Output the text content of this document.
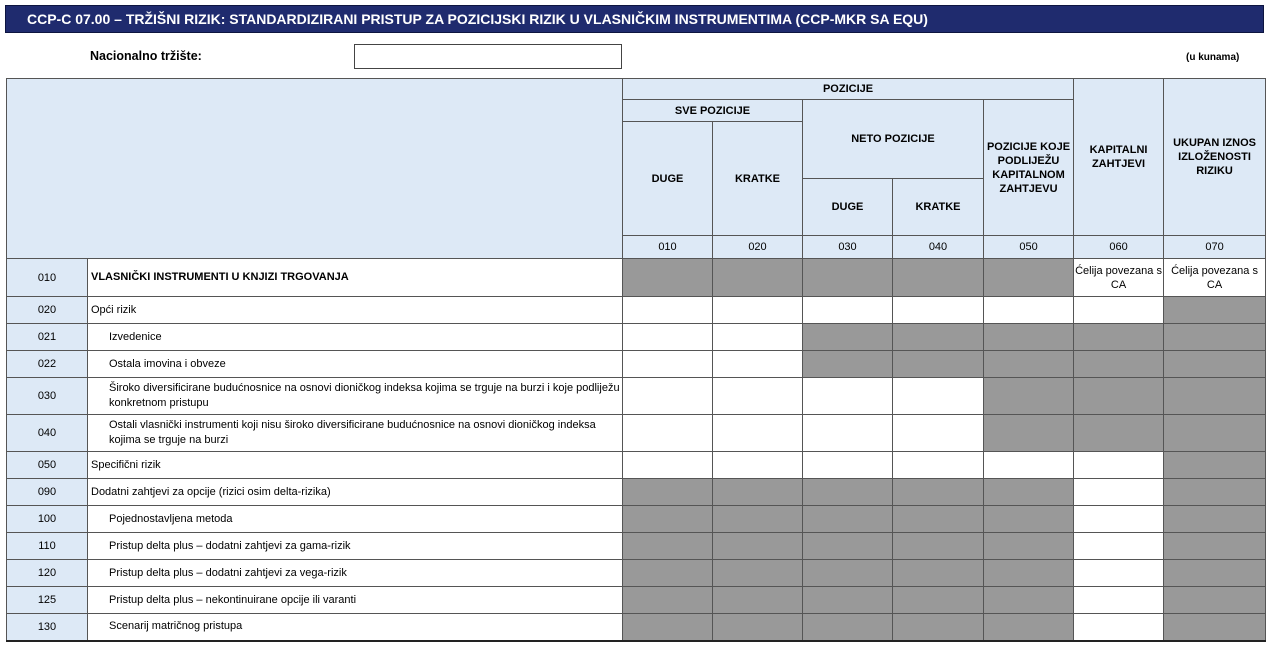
CCP-C 07.00 – TRŽIŠNI RIZIK: STANDARDIZIRANI PRISTUP ZA POZICIJSKI RIZIK U VLASNIČKIM INSTRUMENTIMA (CCP-MKR SA EQU)
Nacionalno tržište:	(u kunama)
		POZICIJE					KAPITALNI ZAHTJEVI	UKUPAN IZNOS IZLOŽENOSTI RIZIKU
		SVE POZICIJE		NETO POZICIJE		POZICIJE KOJE PODLIJEŽU KAPITALNOM ZAHTJEVU		
		DUGE	KRATKE					
				DUGE	KRATKE			
		010	020	030	040	050	060	070
010	VLASNIČKI INSTRUMENTI U KNJIZI TRGOVANJA						Ćelija povezana s CA	Ćelija povezana s CA
020	Opći rizik							
021	Izvedenice							
022	Ostala imovina i obveze							
030	Široko diversificirane budućnosnice na osnovi dioničkog indeksa kojima se trguje na burzi i koje podliježu konkretnom pristupu							
040	Ostali vlasnički instrumenti koji nisu široko diversificirane budućnosnice na osnovi dioničkog indeksa kojima se trguje na burzi							
050	Specifični rizik							
090	Dodatni zahtjevi za opcije (rizici osim delta-rizika)							
100	Pojednostavljena metoda							
110	Pristup delta plus – dodatni zahtjevi za gama-rizik							
120	Pristup delta plus – dodatni zahtjevi za vega-rizik							
125	Pristup delta plus – nekontinuirane opcije ili varanti							
130	Scenarij matričnog pristupa							
